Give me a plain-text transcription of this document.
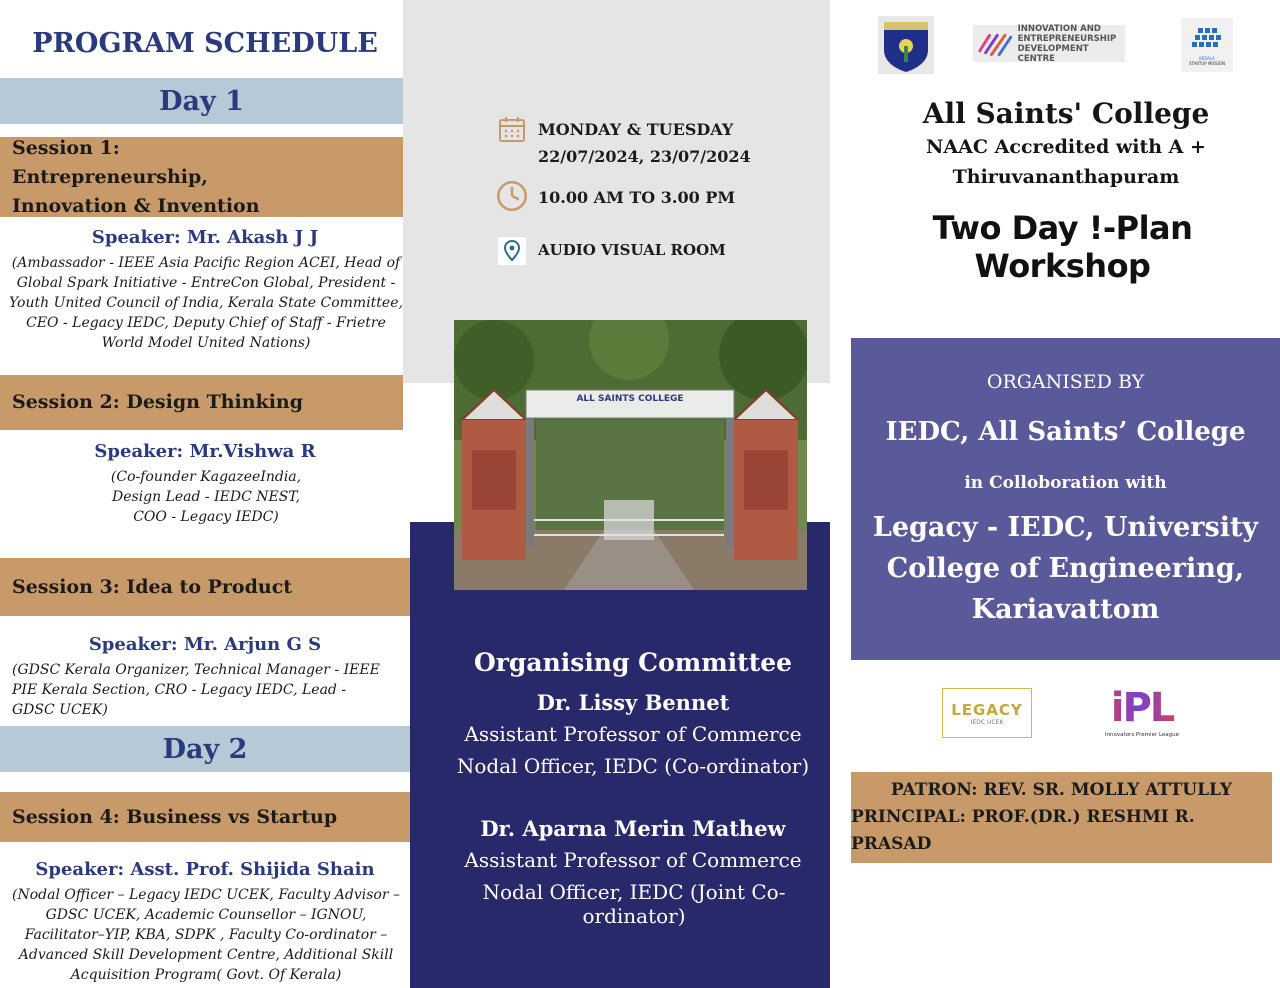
PROGRAM SCHEDULE
Day 1
Session 1: Entrepreneurship, Innovation & Invention
Speaker: Mr. Akash J J
(Ambassador - IEEE Asia Pacific Region ACEI, Head of Global Spark Initiative - EntreCon Global, President - Youth United Council of India, Kerala State Committee, CEO - Legacy IEDC, Deputy Chief of Staff - Frietre World Model United Nations)
Session 2: Design Thinking
Speaker: Mr.Vishwa R
(Co-founder KagazeeIndia,
Design Lead - IEDC NEST,
COO - Legacy IEDC)
Session 3: Idea to Product
Speaker: Mr. Arjun G S
(GDSC Kerala Organizer, Technical Manager - IEEE PIE Kerala Section, CRO - Legacy IEDC, Lead - GDSC UCEK)
Day 2
Session 4: Business vs Startup
Speaker: Asst. Prof. Shijida Shain
(Nodal Officer – Legacy IEDC UCEK, Faculty Advisor – GDSC UCEK, Academic Counsellor – IGNOU, Facilitator–YIP, KBA, SDPK , Faculty Co-ordinator – Advanced Skill Development Centre, Additional Skill Acquisition Program( Govt. Of Kerala)
MONDAY & TUESDAY
22/07/2024, 23/07/2024
10.00 AM TO 3.00 PM
AUDIO VISUAL ROOM
ALL SAINTS COLLEGE
Organising Committee
Dr. Lissy Bennet
Assistant Professor of Commerce
Nodal Officer, IEDC (Co-ordinator)
Dr. Aparna Merin Mathew
Assistant Professor of Commerce
Nodal Officer, IEDC (Joint Co-ordinator)
INNOVATION AND
ENTREPRENEURSHIP
DEVELOPMENT CENTRE	KERALA
STARTUP MISSION
All Saints' College
NAAC Accredited with A +
Thiruvananthapuram
Two Day !-Plan Workshop
ORGANISED BY
IEDC, All Saints’ College
in Colloboration with
Legacy - IEDC, University
College of Engineering,
Kariavattom
LEGACY
IEDC UCEK	iPL
Innovators Premier League
PATRON: REV. SR. MOLLY ATTULLY
PRINCIPAL: PROF.(DR.) RESHMI R. PRASAD
